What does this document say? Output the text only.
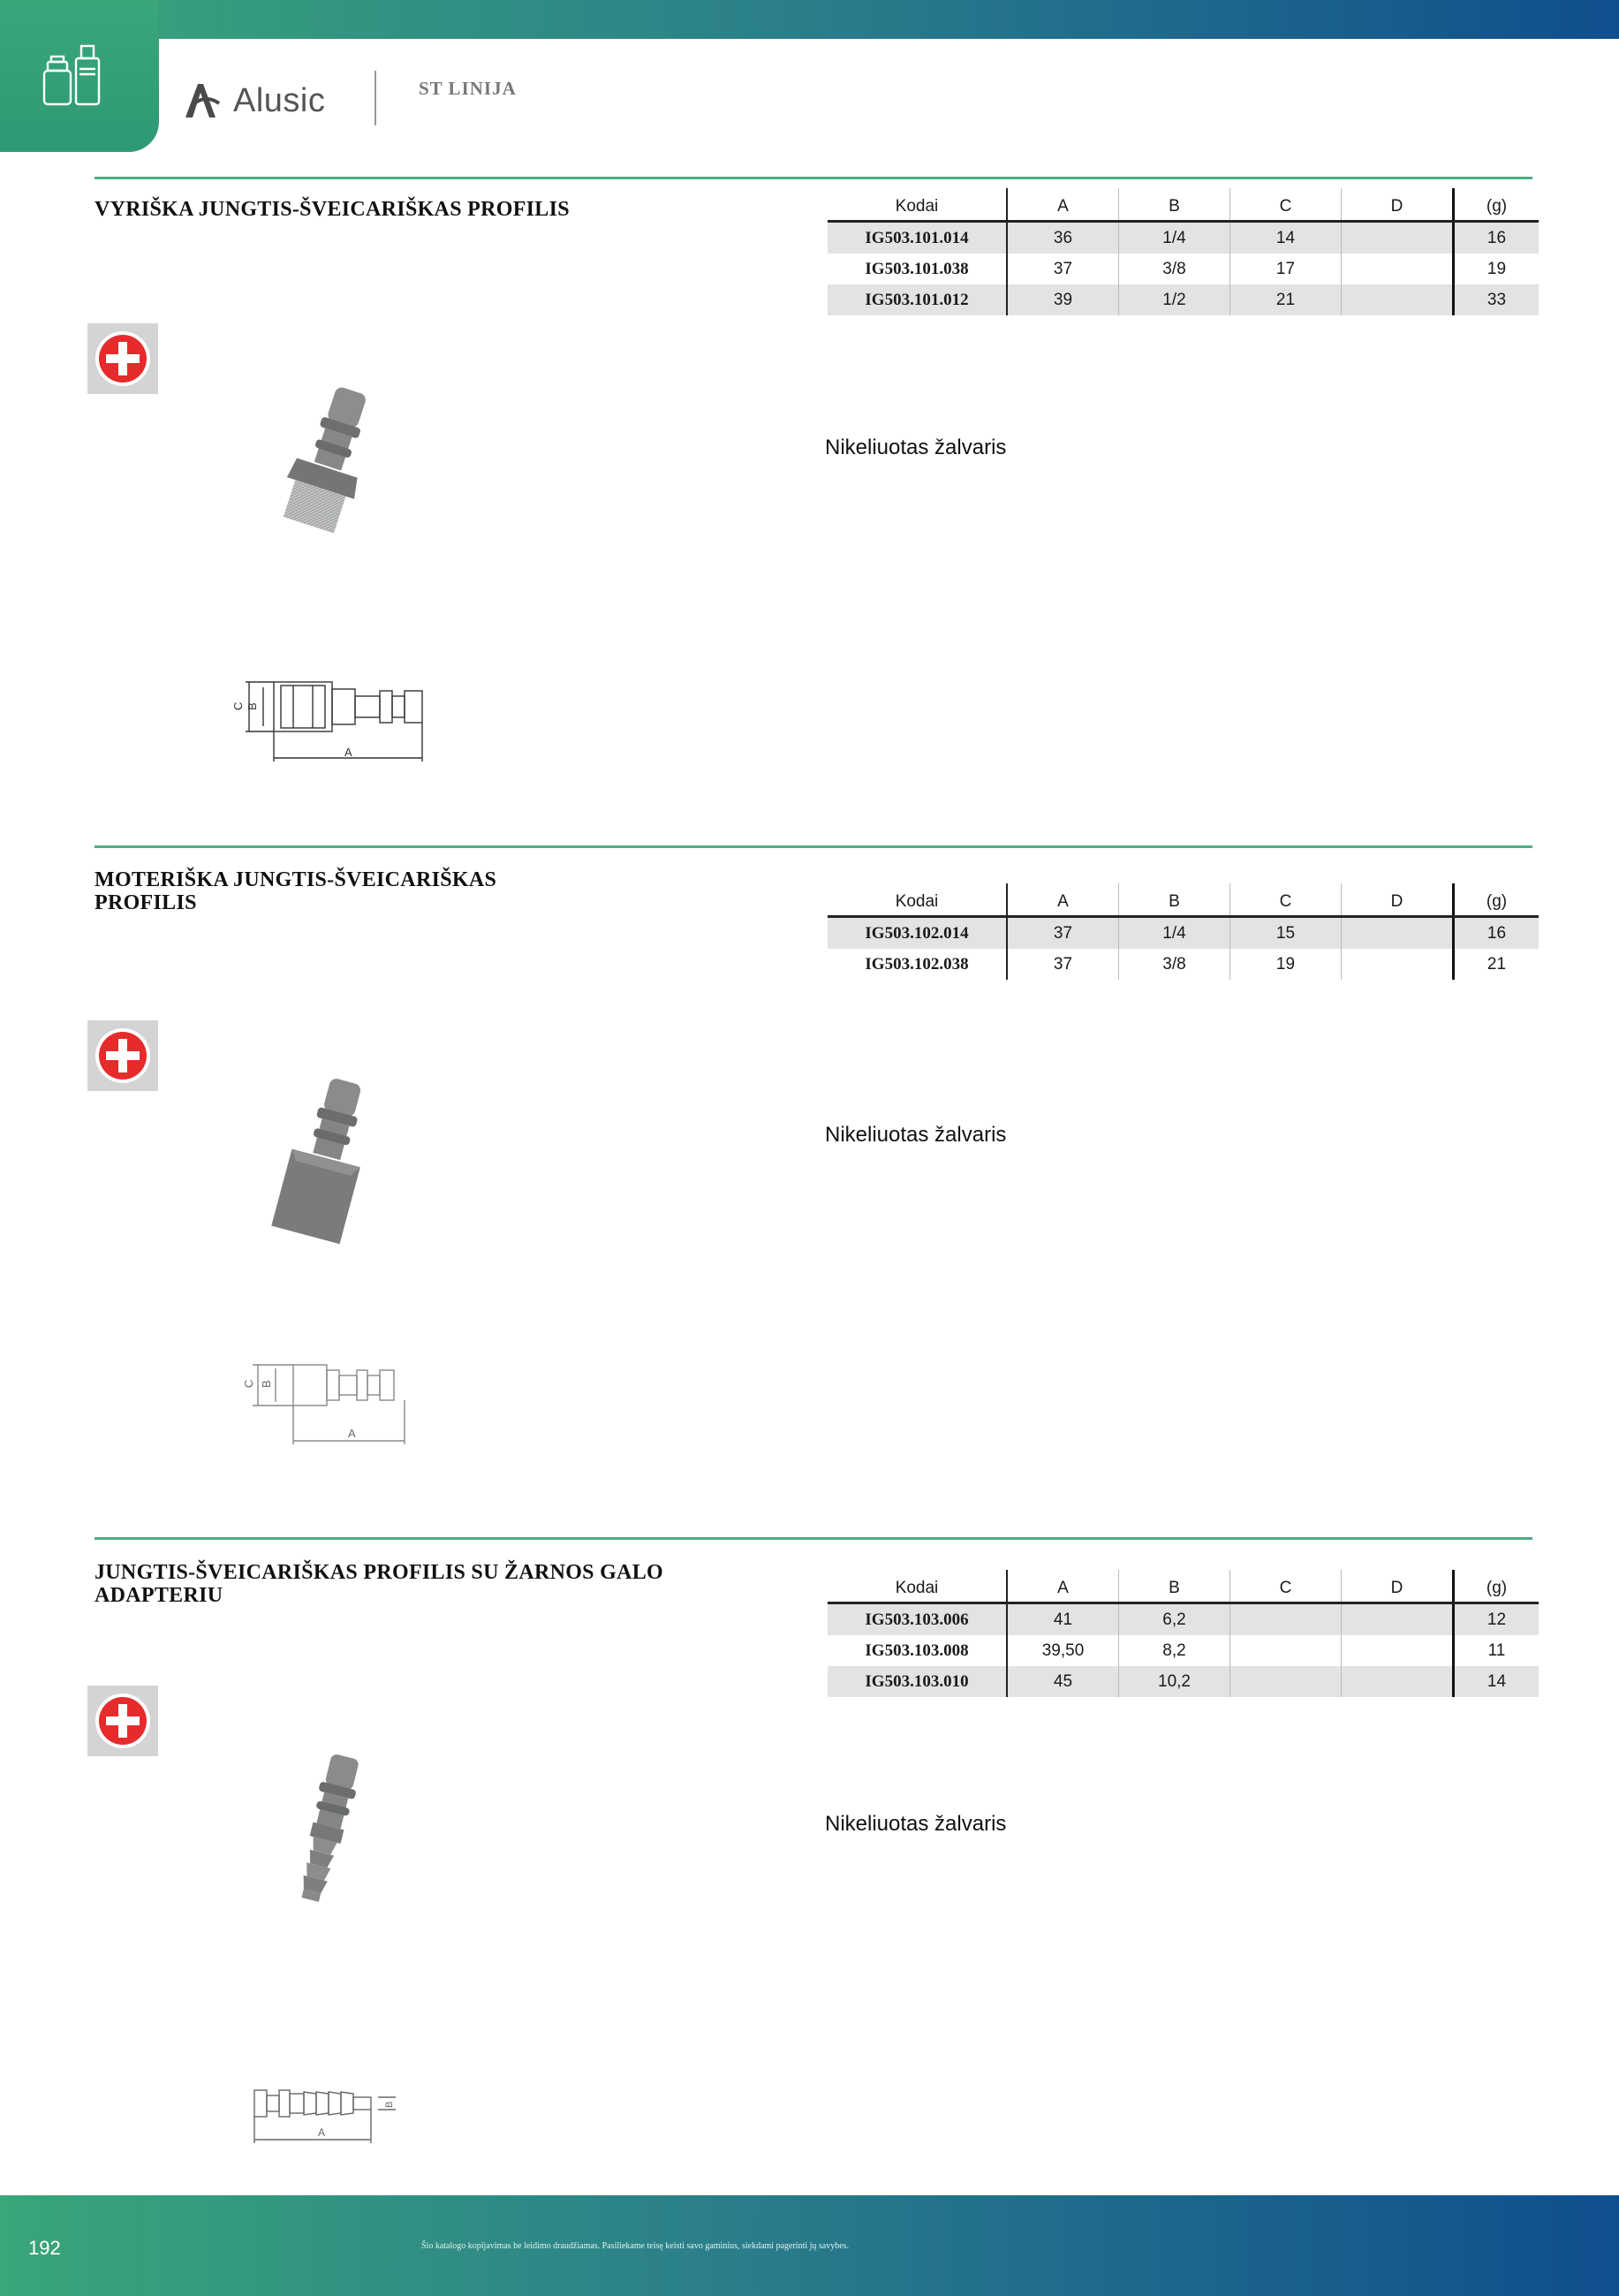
Alusic	ST LINIJA
VYRIŠKA JUNGTIS-ŠVEICARIŠKAS PROFILIS	Kodai	A	B	C	D	(g)
IG503.101.014	36	1/4	14		16
IG503.101.038	37	3/8	17		19
IG503.101.012	39	1/2	21		33
C B
A
Nikeliuotas žalvaris
MOTERIŠKA JUNGTIS-ŠVEICARIŠKAS
PROFILIS	Kodai	A	B	C	D	(g)
IG503.102.014	37	1/4	15		16
IG503.102.038	37	3/8	19		21
C B
A
Nikeliuotas žalvaris
JUNGTIS-ŠVEICARIŠKAS PROFILIS SU ŽARNOS GALO
ADAPTERIU	Kodai	A	B	C	D	(g)
IG503.103.006	41	6,2			12
IG503.103.008	39,50	8,2			11
IG503.103.010	45	10,2			14
B
A
Nikeliuotas žalvaris
192	Šio katalogo kopijavimas be leidimo draudžiamas. Pasiliekame teisę keisti savo gaminius, siekdami pagerinti jų savybes.
